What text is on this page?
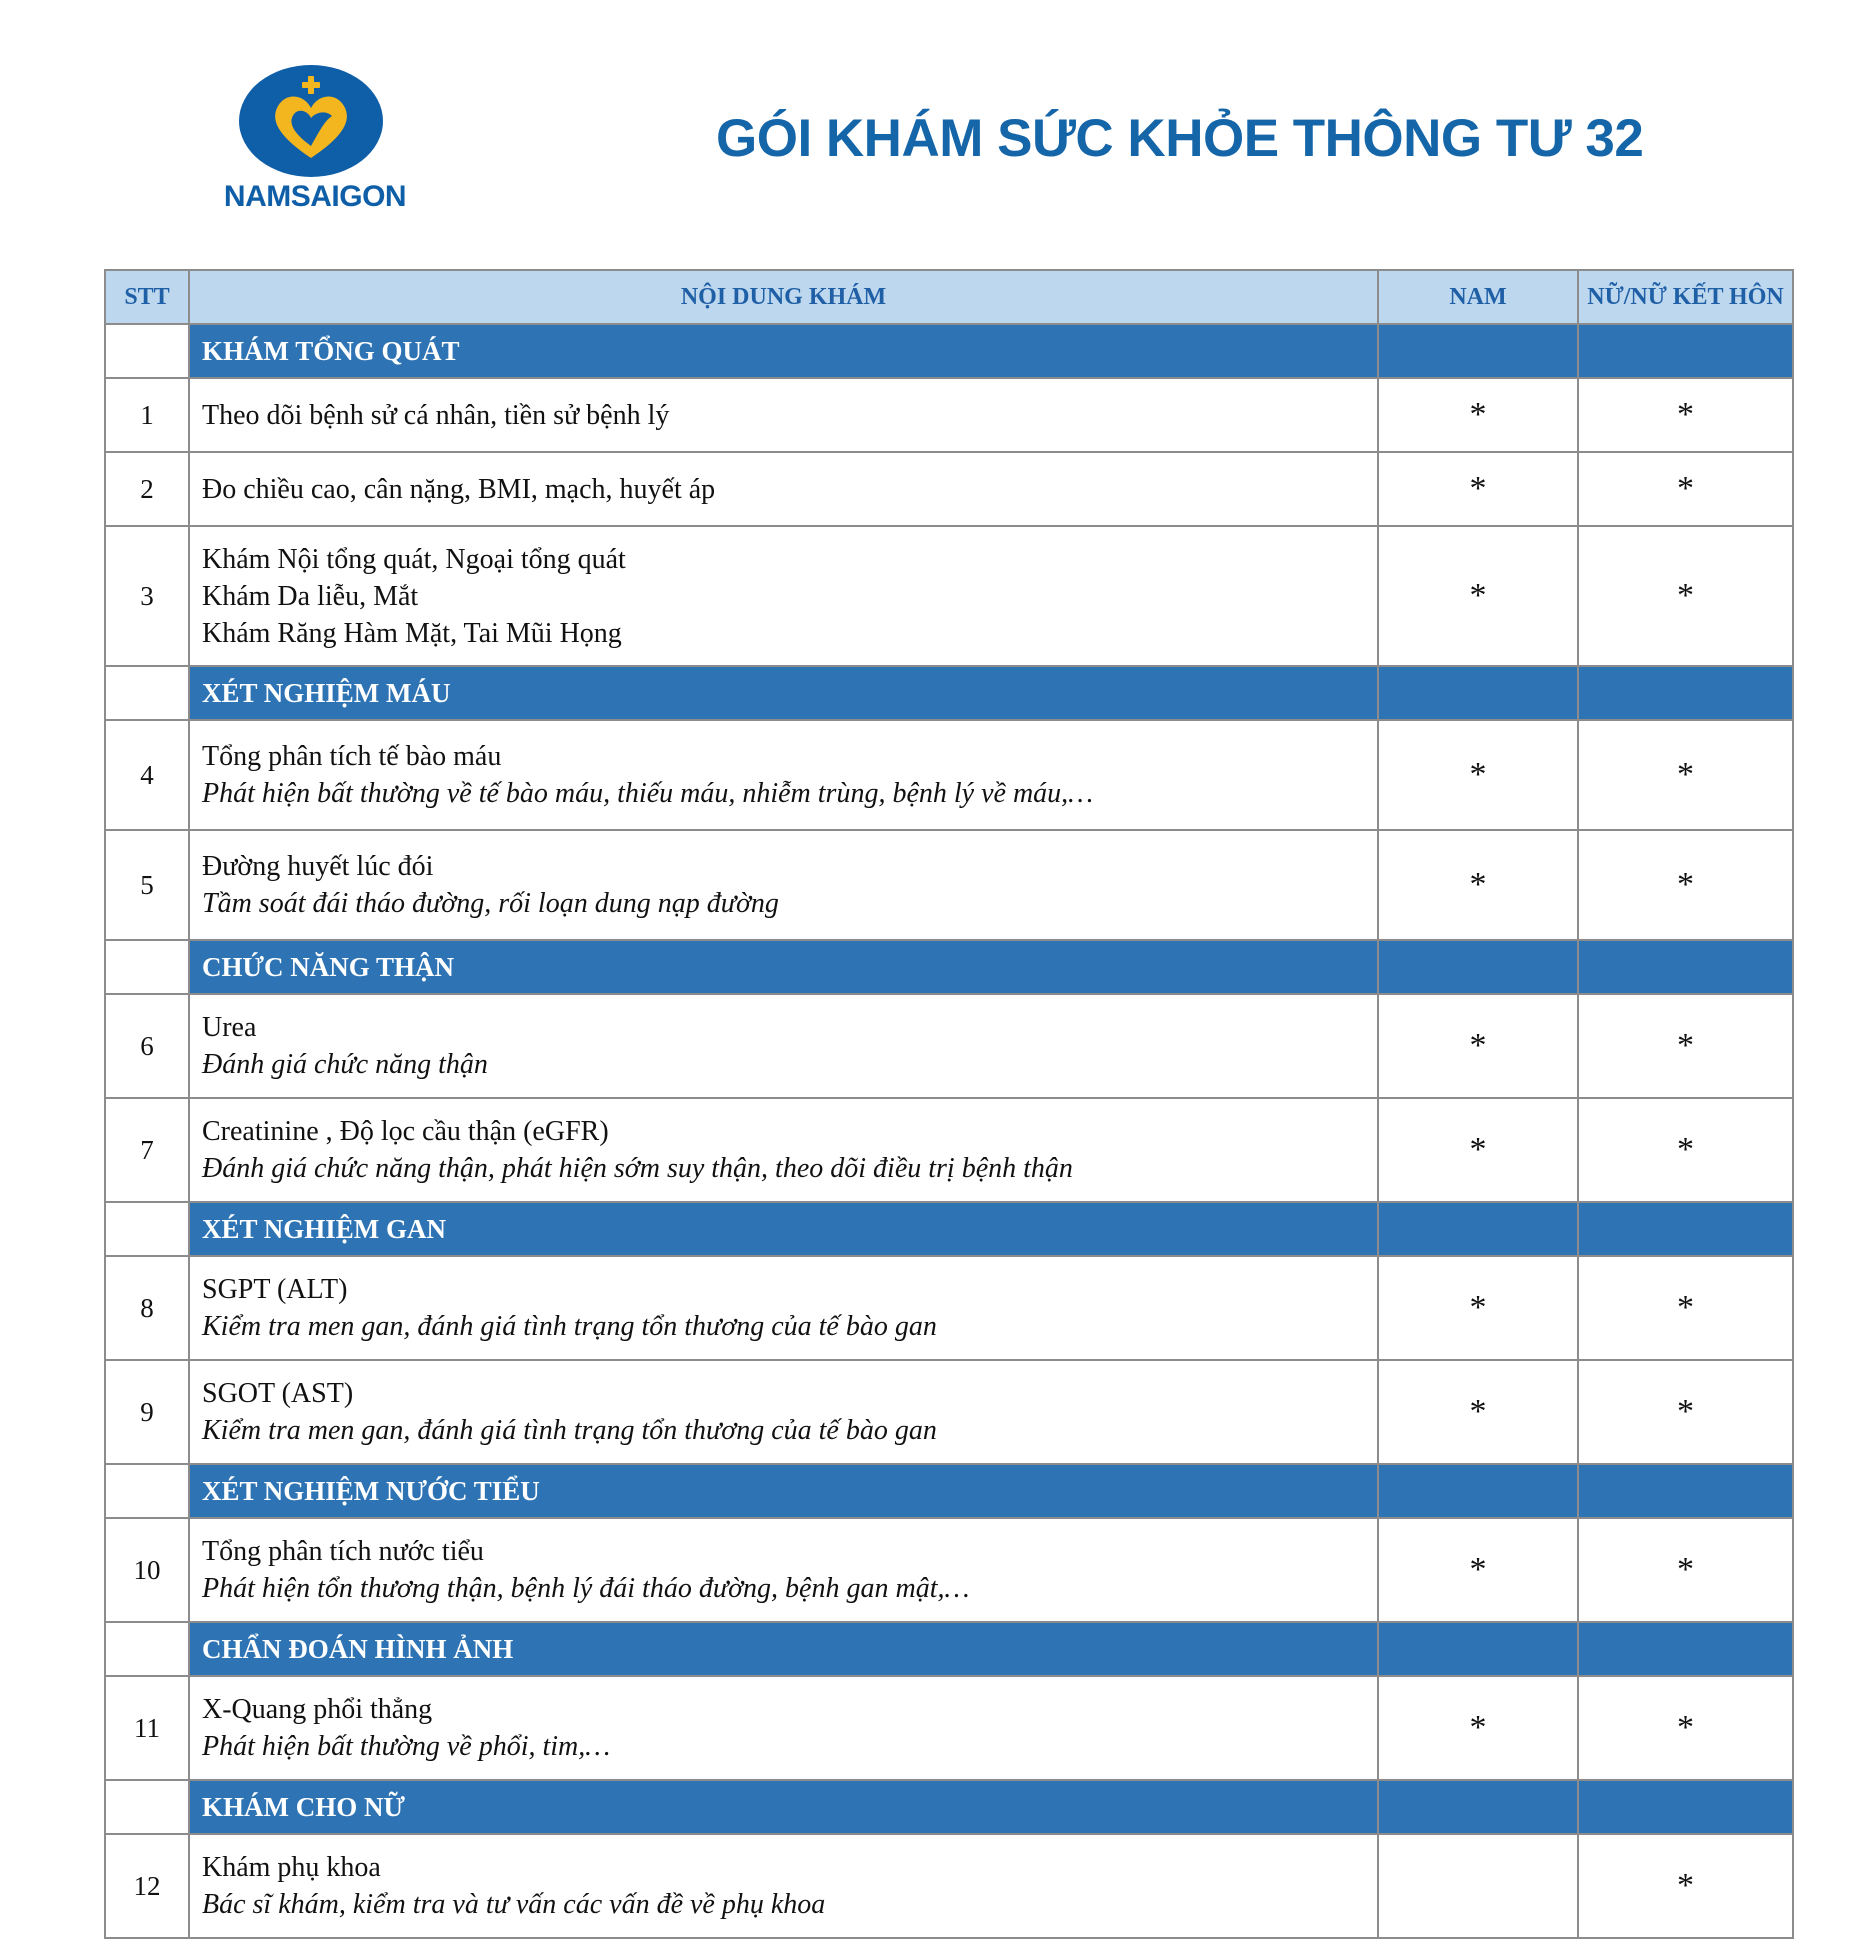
NAMSAIGON
GÓI KHÁM SỨC KHỎE THÔNG TƯ 32
STT	NỘI DUNG KHÁM	NAM	NỮ/NỮ KẾT HÔN
	KHÁM TỔNG QUÁT		
1	Theo dõi bệnh sử cá nhân, tiền sử bệnh lý	*	*
2	Đo chiều cao, cân nặng, BMI, mạch, huyết áp	*	*
3	Khám Nội tổng quát, Ngoại tổng quát
Khám Da liễu, Mắt
Khám Răng Hàm Mặt, Tai Mũi Họng	*	*
	XÉT NGHIỆM MÁU		
4	Tổng phân tích tế bào máu
Phát hiện bất thường về tế bào máu, thiếu máu, nhiễm trùng, bệnh lý về máu,…	*	*
5	Đường huyết lúc đói
Tầm soát đái tháo đường, rối loạn dung nạp đường	*	*
	CHỨC NĂNG THẬN		
6	Urea
Đánh giá chức năng thận	*	*
7	Creatinine , Độ lọc cầu thận (eGFR)
Đánh giá chức năng thận, phát hiện sớm suy thận, theo dõi điều trị bệnh thận	*	*
	XÉT NGHIỆM GAN		
8	SGPT (ALT)
Kiểm tra men gan, đánh giá tình trạng tổn thương của tế bào gan	*	*
9	SGOT (AST)
Kiểm tra men gan, đánh giá tình trạng tổn thương của tế bào gan	*	*
	XÉT NGHIỆM NƯỚC TIỂU		
10	Tổng phân tích nước tiểu
Phát hiện tổn thương thận, bệnh lý đái tháo đường, bệnh gan mật,…	*	*
	CHẨN ĐOÁN HÌNH ẢNH		
11	X-Quang phổi thẳng
Phát hiện bất thường về phổi, tim,…	*	*
	KHÁM CHO NỮ		
12	Khám phụ khoa
Bác sĩ khám, kiểm tra và tư vấn các vấn đề về phụ khoa		*
